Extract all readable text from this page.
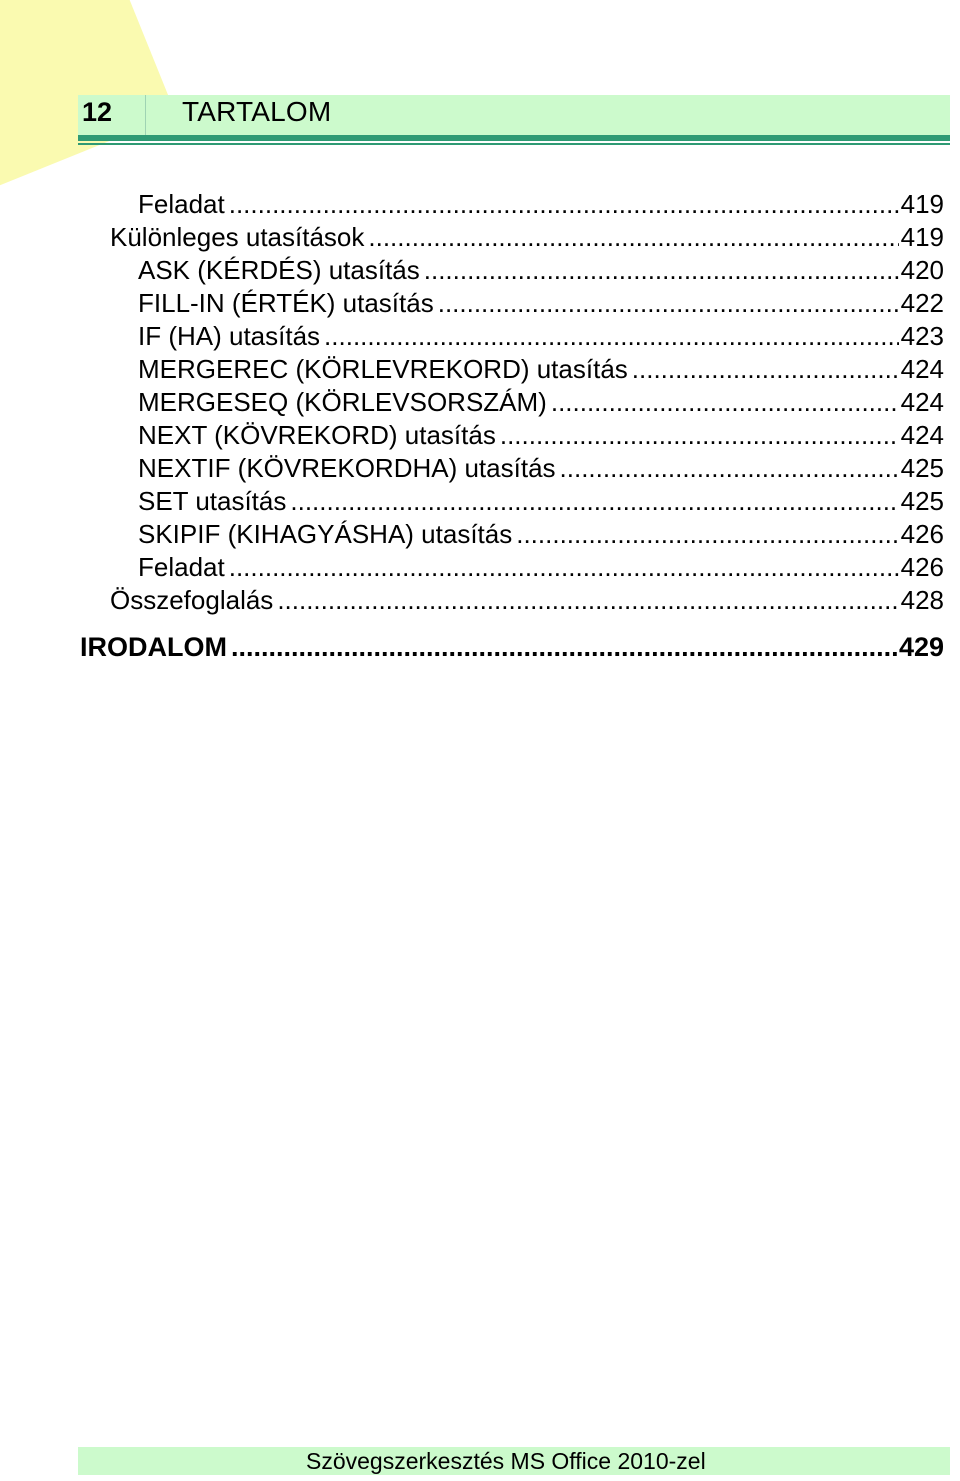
12	TARTALOM
Feladat .....	419
Különleges utasítások .....	419
ASK (KÉRDÉS) utasítás .....	420
FILL-IN (ÉRTÉK) utasítás .....	422
IF (HA) utasítás .....	423
MERGEREC (KÖRLEVREKORD) utasítás .....	424
MERGESEQ (KÖRLEVSORSZÁM) .....	424
NEXT (KÖVREKORD) utasítás .....	424
NEXTIF (KÖVREKORDHA) utasítás .....	425
SET utasítás .....	425
SKIPIF (KIHAGYÁSHA) utasítás .....	426
Feladat .....	426
Összefoglalás .....	428
IRODALOM .....	429
Szövegszerkesztés MS Office 2010-zel
